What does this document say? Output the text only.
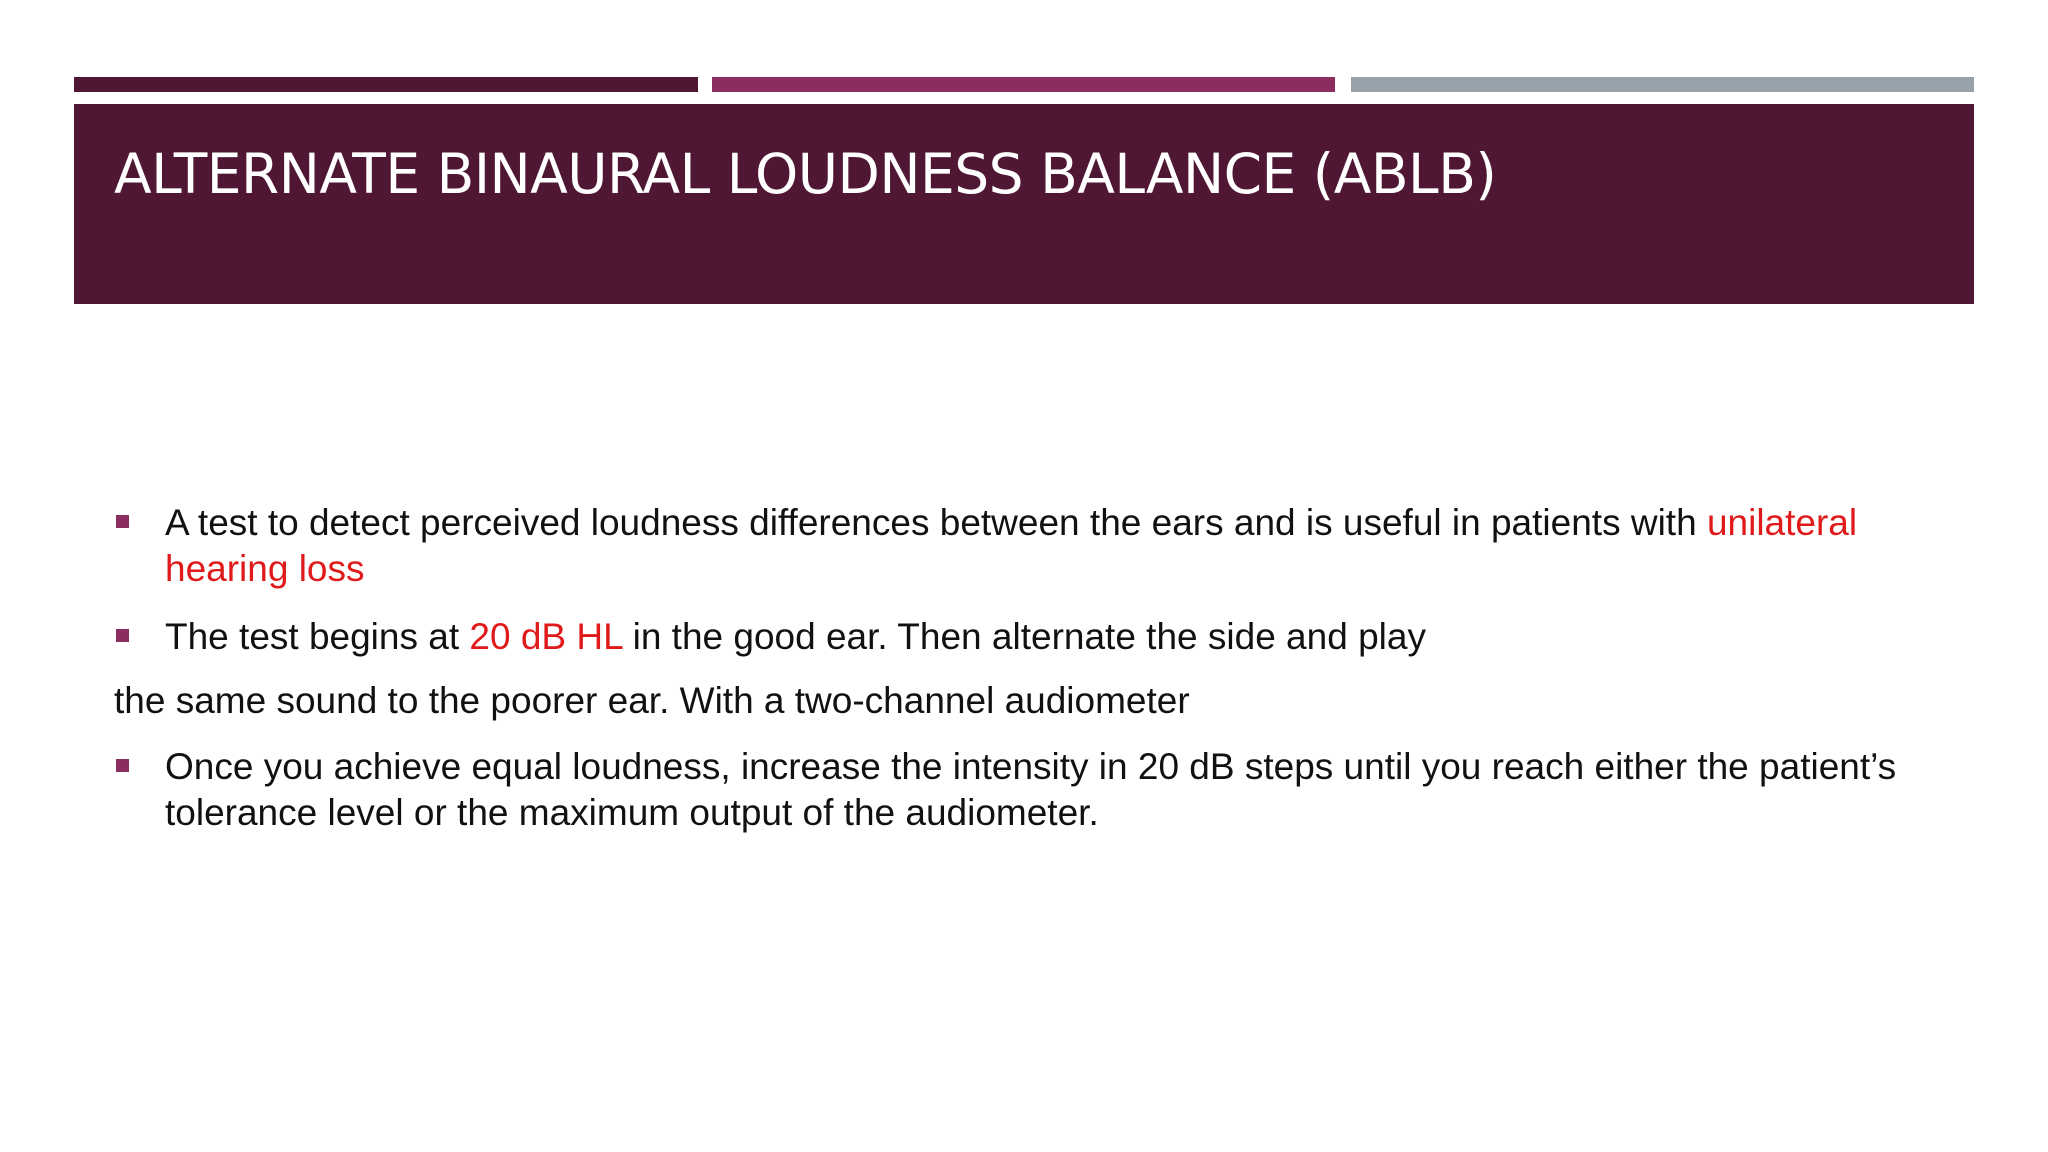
ALTERNATE BINAURAL LOUDNESS BALANCE (ABLB)
A test to detect perceived loudness differences between the ears and is useful in patients with unilateral hearing loss
The test begins at 20 dB HL in the good ear. Then alternate the side and play
the same sound to the poorer ear. With a two-channel audiometer
Once you achieve equal loudness, increase the intensity in 20 dB steps until you reach either the patient’s tolerance level or the maximum output of the audiometer.
